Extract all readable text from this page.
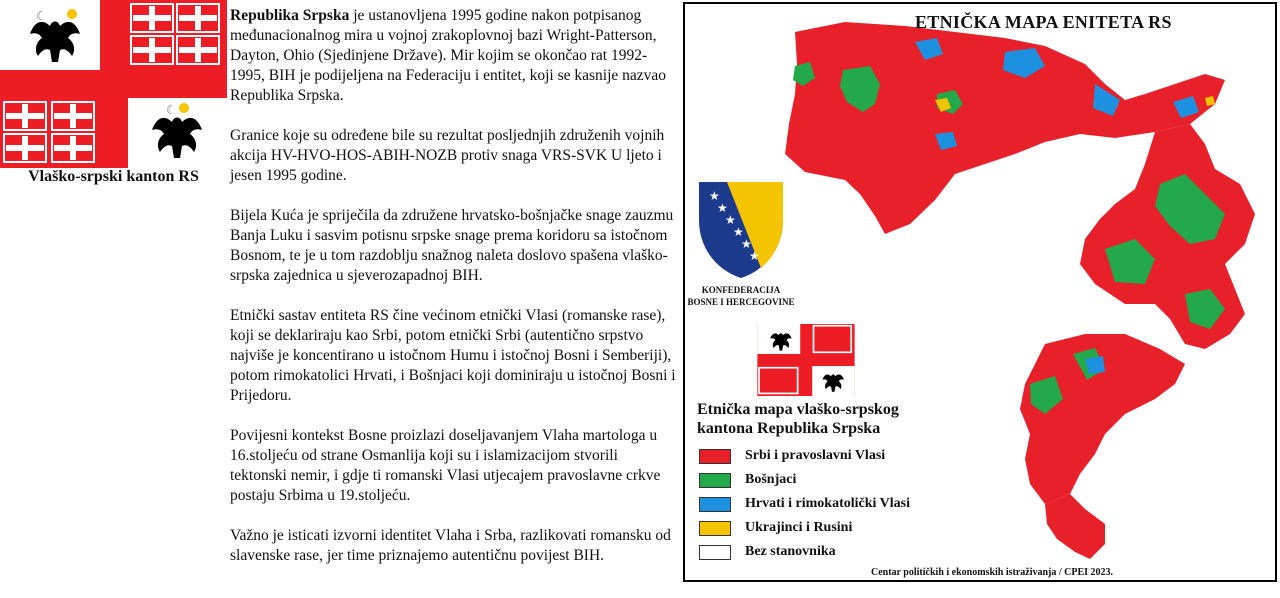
☾
☾
Vlaško-srpski kanton RS

Republika Srpska je ustanovljena 1995 godine nakon potpisanog međunacionalnog mira u vojnoj zrakoplovnoj bazi Wright-Patterson, Dayton, Ohio (Sjedinjene Države). Mir kojim se okončao rat 1992-1995, BIH je podijeljena na Federaciju i entitet, koji se kasnije nazvao Republika Srpska.

Granice koje su određene bile su rezultat posljednjih združenih vojnih akcija HV-HVO-HOS-ABIH-NOZB protiv snaga VRS-SVK U ljeto i jesen 1995 godine.

Bijela Kuća je spriječila da združene hrvatsko-bošnjačke snage zauzmu Banja Luku i sasvim potisnu srpske snage prema koridoru sa istočnom Bosnom, te je u tom razdoblju snažnog naleta doslovo spašena vlaško-srpska zajednica u sjeverozapadnoj BIH.

Etnički sastav entiteta RS čine većinom etnički Vlasi (romanske rase), koji se deklariraju kao Srbi, potom etnički Srbi (autentično srpstvo najviše je koncentirano u istočnom Humu i istočnoj Bosni i Semberiji), potom rimokatolici Hrvati, i Bošnjaci koji dominiraju u istočnoj Bosni i Prijedoru.

Povijesni kontekst Bosne proizlazi doseljavanjem Vlaha martologa u 16.stoljeću od strane Osmanlija koji su i islamizacijom stvorili tektonski nemir, i gdje ti romanski Vlasi utjecajem pravoslavne crkve postaju Srbima u 19.stoljeću.

Važno je isticati izvorni identitet Vlaha i Srba, razlikovati romansku od slavenske rase, jer time priznajemo autentičnu povijest BIH.

ETNIČKA MAPA ENITETA RS
★
★
★
★
★
★
KONFEDERACIJA
BOSNE I HERCEGOVINE
Etnička mapa vlaško-srpskog kantona Republika Srpska
Srbi i pravoslavni Vlasi
Bošnjaci
Hrvati i rimokatolički Vlasi
Ukrajinci i Rusini
Bez stanovnika
Centar političkih i ekonomskih istraživanja / CPEI 2023.
